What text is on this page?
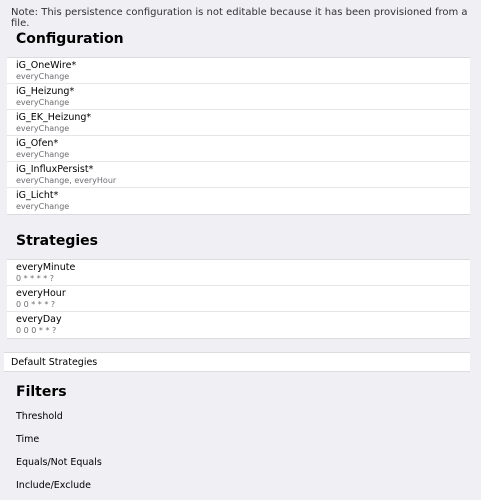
Note: This persistence configuration is not editable because it has been provisioned from a file.
Configuration
iG_OneWire*
everyChange
iG_Heizung*
everyChange
iG_EK_Heizung*
everyChange
iG_Ofen*
everyChange
iG_InfluxPersist*
everyChange, everyHour
iG_Licht*
everyChange
Strategies
everyMinute
0 * * * * ?
everyHour
0 0 * * * ?
everyDay
0 0 0 * * ?
Default Strategies
Filters
Threshold
Time
Equals/Not Equals
Include/Exclude
